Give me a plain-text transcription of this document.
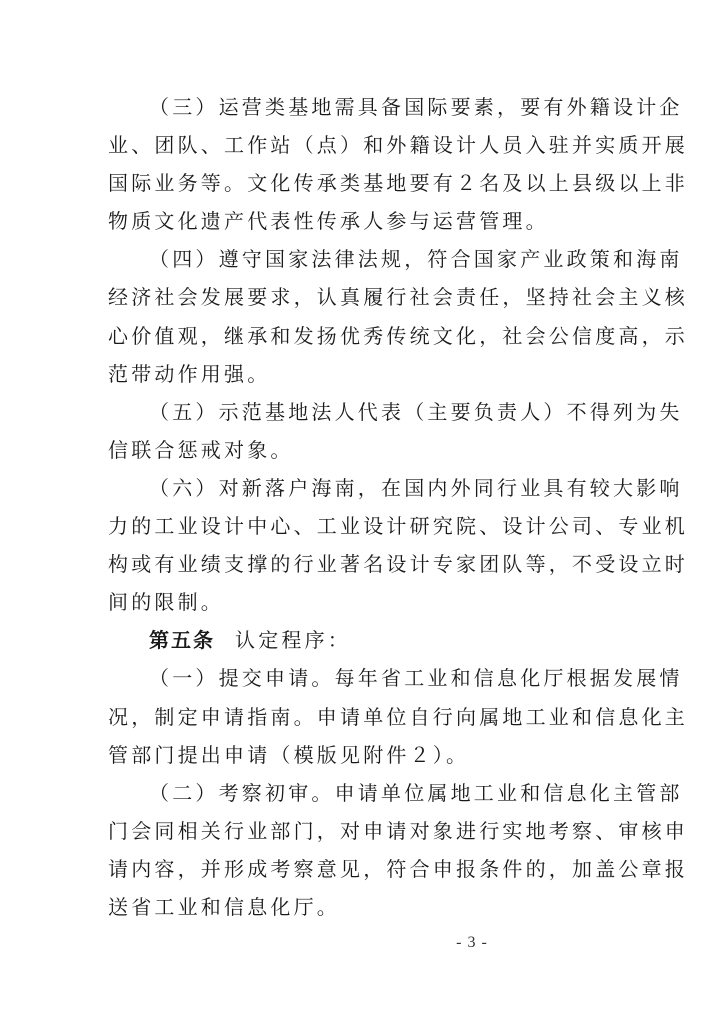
（三）运营类基地需具备国际要素，要有外籍设计企
业、团队、工作站（点）和外籍设计人员入驻并实质开展
国际业务等。文化传承类基地要有２名及以上县级以上非
物质文化遗产代表性传承人参与运营管理。
（四）遵守国家法律法规，符合国家产业政策和海南
经济社会发展要求，认真履行社会责任，坚持社会主义核
心价值观，继承和发扬优秀传统文化，社会公信度高，示
范带动作用强。
（五）示范基地法人代表（主要负责人）不得列为失
信联合惩戒对象。
（六）对新落户海南，在国内外同行业具有较大影响
力的工业设计中心、工业设计研究院、设计公司、专业机
构或有业绩支撑的行业著名设计专家团队等，不受设立时
间的限制。
第五条 认定程序：
（一）提交申请。每年省工业和信息化厅根据发展情
况，制定申请指南。申请单位自行向属地工业和信息化主
管部门提出申请（模版见附件２）。
（二）考察初审。申请单位属地工业和信息化主管部
门会同相关行业部门，对申请对象进行实地考察、审核申
请内容，并形成考察意见，符合申报条件的，加盖公章报
送省工业和信息化厅。
- 3 -
